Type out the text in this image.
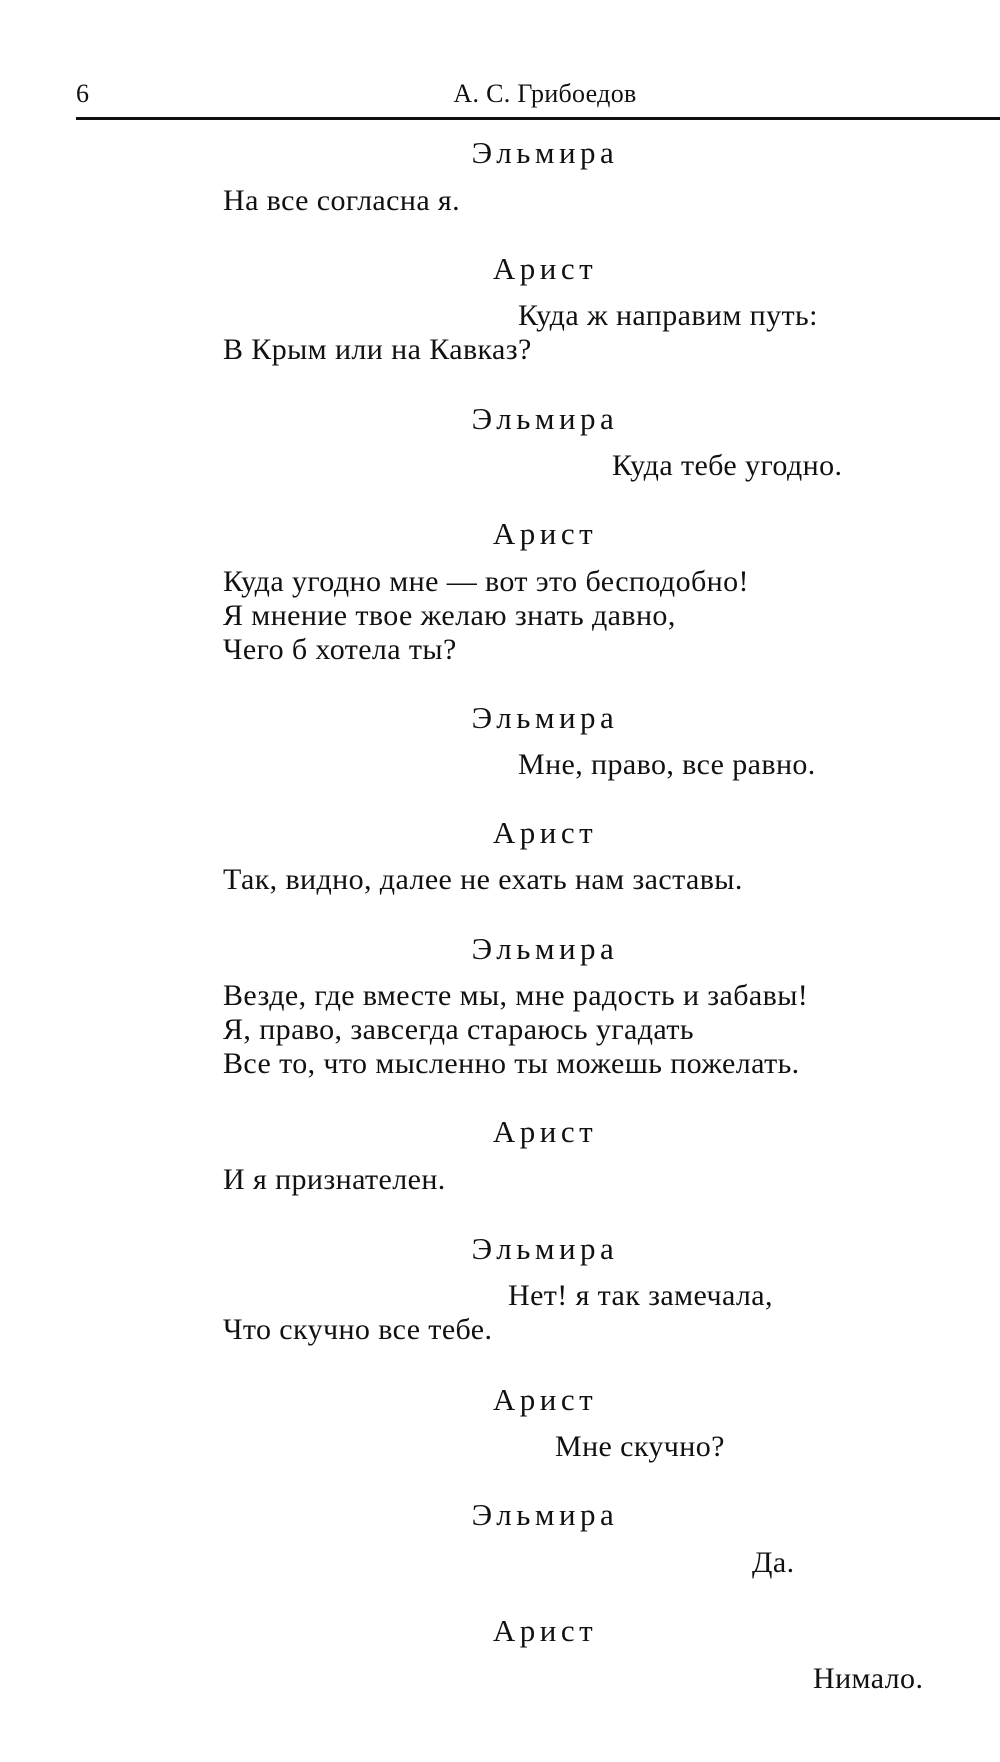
6	А. С. Грибоедов
Эльмира
На все согласна я.
Арист
Куда ж направим путь:
В Крым или на Кавказ?
Эльмира
Куда тебе угодно.
Арист
Куда угодно мне — вот это бесподобно!
Я мнение твое желаю знать давно,
Чего б хотела ты?
Эльмира
Мне, право, все равно.
Арист
Так, видно, далее не ехать нам заставы.
Эльмира
Везде, где вместе мы, мне радость и забавы!
Я, право, завсегда стараюсь угадать
Все то, что мысленно ты можешь пожелать.
Арист
И я признателен.
Эльмира
Нет! я так замечала,
Что скучно все тебе.
Арист
Мне скучно?
Эльмира
Да.
Арист
Нимало.
